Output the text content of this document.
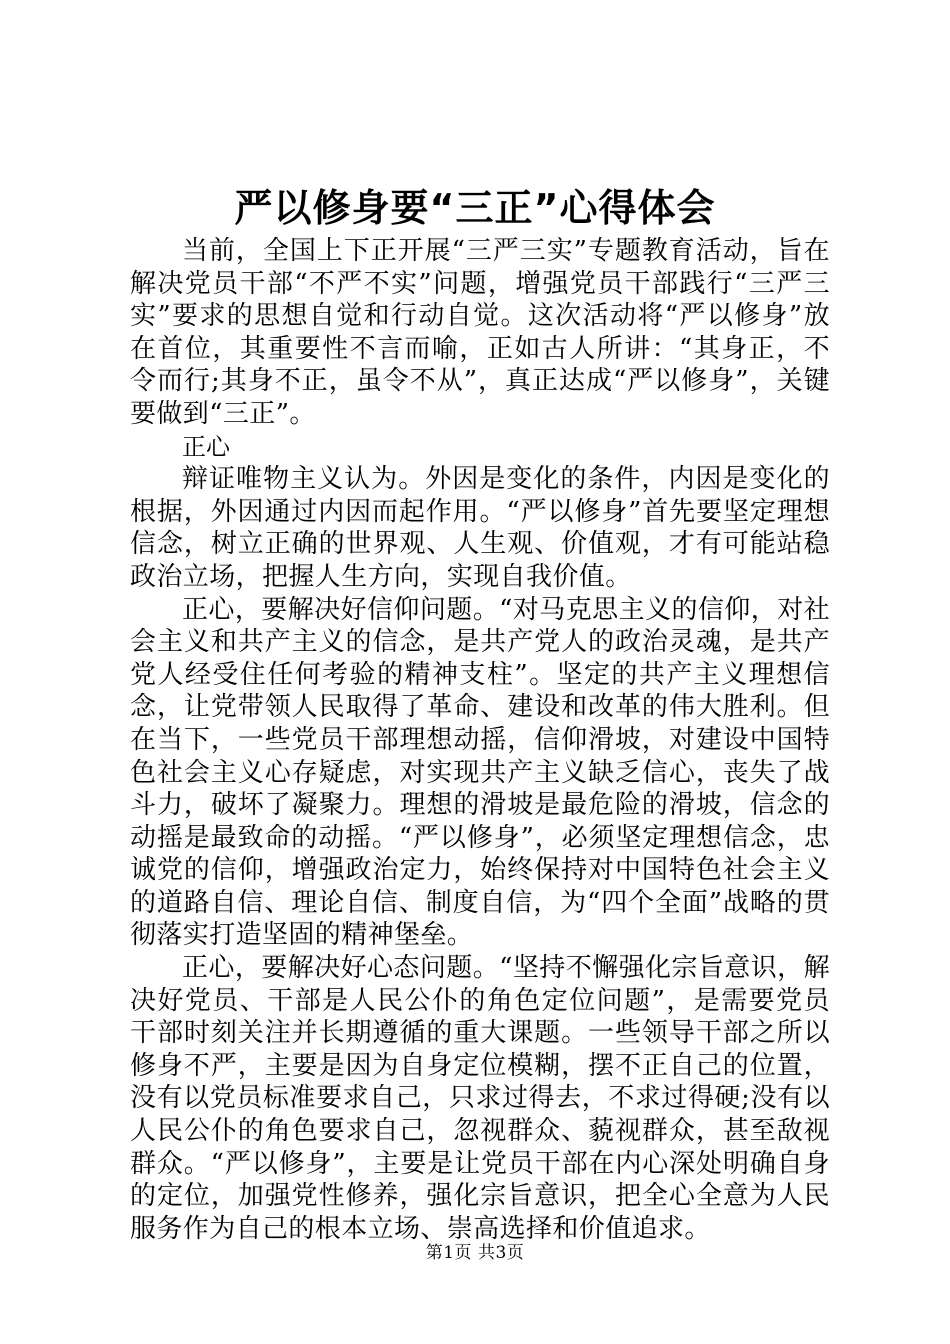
严以修身要“三正”心得体会

当前，全国上下正开展“三严三实”专题教育活动，旨在解决党员干部“不严不实”问题，增强党员干部践行“三严三实”要求的思想自觉和行动自觉。这次活动将“严以修身”放在首位，其重要性不言而喻，正如古人所讲：“其身正，不令而行;其身不正，虽令不从”，真正达成“严以修身”，关键要做到“三正”。

正心

辩证唯物主义认为。外因是变化的条件，内因是变化的根据，外因通过内因而起作用。“严以修身”首先要坚定理想信念，树立正确的世界观、人生观、价值观，才有可能站稳政治立场，把握人生方向，实现自我价值。

正心，要解决好信仰问题。“对马克思主义的信仰，对社会主义和共产主义的信念，是共产党人的政治灵魂，是共产党人经受住任何考验的精神支柱”。坚定的共产主义理想信念，让党带领人民取得了革命、建设和改革的伟大胜利。但在当下，一些党员干部理想动摇，信仰滑坡，对建设中国特色社会主义心存疑虑，对实现共产主义缺乏信心，丧失了战斗力，破坏了凝聚力。理想的滑坡是最危险的滑坡，信念的动摇是最致命的动摇。“严以修身”，必须坚定理想信念，忠诚党的信仰，增强政治定力，始终保持对中国特色社会主义的道路自信、理论自信、制度自信，为“四个全面”战略的贯彻落实打造坚固的精神堡垒。

正心，要解决好心态问题。“坚持不懈强化宗旨意识，解决好党员、干部是人民公仆的角色定位问题”，是需要党员干部时刻关注并长期遵循的重大课题。一些领导干部之所以修身不严，主要是因为自身定位模糊，摆不正自己的位置，没有以党员标准要求自己，只求过得去，不求过得硬;没有以人民公仆的角色要求自己，忽视群众、藐视群众，甚至敌视群众。“严以修身”，主要是让党员干部在内心深处明确自身的定位，加强党性修养，强化宗旨意识，把全心全意为人民服务作为自己的根本立场、崇高选择和价值追求。

第1页 共3页
